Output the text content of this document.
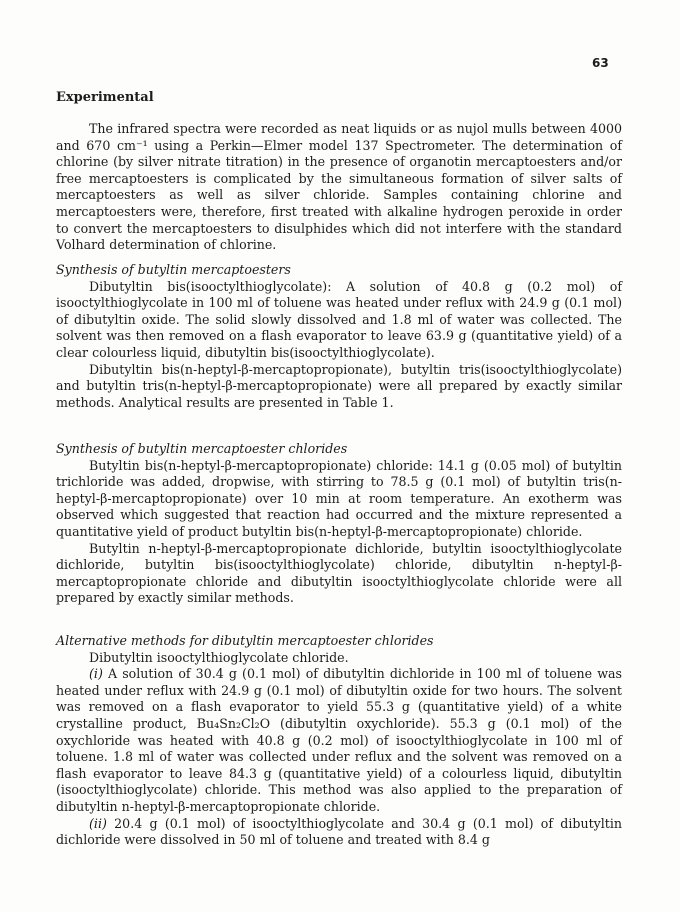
63
Experimental

The infrared spectra were recorded as neat liquids or as nujol mulls between 4000 and 670 cm⁻¹ using a Perkin—Elmer model 137 Spectrometer. The determination of chlorine (by silver nitrate titration) in the presence of organotin mercaptoesters and/or free mercaptoesters is complicated by the simultaneous formation of silver salts of mercaptoesters as well as silver chloride. Samples containing chlorine and mercaptoesters were, therefore, first treated with alkaline hydrogen peroxide in order to convert the mercaptoesters to disulphides which did not interfere with the standard Volhard determination of chlorine.

Synthesis of butyltin mercaptoesters

Dibutyltin bis(isooctylthioglycolate): A solution of 40.8 g (0.2 mol) of isooctylthioglycolate in 100 ml of toluene was heated under reflux with 24.9 g (0.1 mol) of dibutyltin oxide. The solid slowly dissolved and 1.8 ml of water was collected. The solvent was then removed on a flash evaporator to leave 63.9 g (quantitative yield) of a clear colourless liquid, dibutyltin bis(isooctylthioglycolate).

Dibutyltin bis(n-heptyl-β-mercaptopropionate), butyltin tris(isooctylthioglycolate) and butyltin tris(n-heptyl-β-mercaptopropionate) were all prepared by exactly similar methods. Analytical results are presented in Table 1.

Synthesis of butyltin mercaptoester chlorides

Butyltin bis(n-heptyl-β-mercaptopropionate) chloride: 14.1 g (0.05 mol) of butyltin trichloride was added, dropwise, with stirring to 78.5 g (0.1 mol) of butyltin tris(n-heptyl-β-mercaptopropionate) over 10 min at room temperature. An exotherm was observed which suggested that reaction had occurred and the mixture represented a quantitative yield of product butyltin bis(n-heptyl-β-mercaptopropionate) chloride.

Butyltin n-heptyl-β-mercaptopropionate dichloride, butyltin isooctylthioglycolate dichloride, butyltin bis(isooctylthioglycolate) chloride, dibutyltin n-heptyl-β-mercaptopropionate chloride and dibutyltin isooctylthioglycolate chloride were all prepared by exactly similar methods.

Alternative methods for dibutyltin mercaptoester chlorides

Dibutyltin isooctylthioglycolate chloride.

(i) A solution of 30.4 g (0.1 mol) of dibutyltin dichloride in 100 ml of toluene was heated under reflux with 24.9 g (0.1 mol) of dibutyltin oxide for two hours. The solvent was removed on a flash evaporator to yield 55.3 g (quantitative yield) of a white crystalline product, Bu₄Sn₂Cl₂O (dibutyltin oxychloride). 55.3 g (0.1 mol) of the oxychloride was heated with 40.8 g (0.2 mol) of isooctylthioglycolate in 100 ml of toluene. 1.8 ml of water was collected under reflux and the solvent was removed on a flash evaporator to leave 84.3 g (quantitative yield) of a colourless liquid, dibutyltin (isooctylthioglycolate) chloride. This method was also applied to the preparation of dibutyltin n-heptyl-β-mercaptopropionate chloride.

(ii) 20.4 g (0.1 mol) of isooctylthioglycolate and 30.4 g (0.1 mol) of dibutyltin dichloride were dissolved in 50 ml of toluene and treated with 8.4 g
